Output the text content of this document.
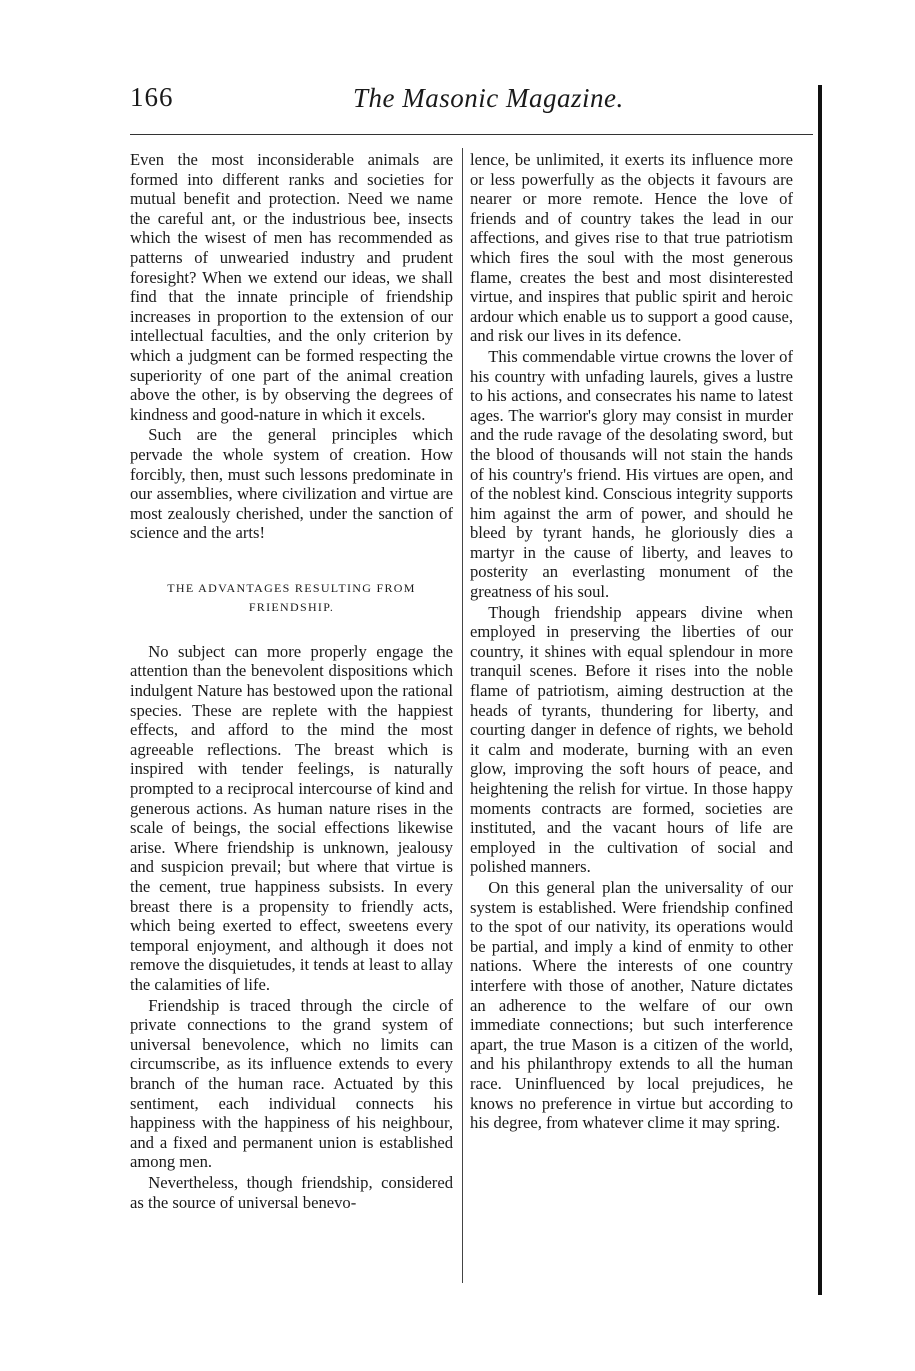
166	The Masonic Magazine.

Even the most inconsiderable animals are formed into different ranks and societies for mutual benefit and protection. Need we name the careful ant, or the industrious bee, insects which the wisest of men has recommended as patterns of unwearied industry and prudent foresight? When we extend our ideas, we shall find that the innate principle of friendship increases in proportion to the extension of our intellectual faculties, and the only criterion by which a judgment can be formed respecting the superiority of one part of the animal creation above the other, is by observing the degrees of kindness and good-nature in which it excels.

Such are the general principles which pervade the whole system of creation. How forcibly, then, must such lessons predominate in our assemblies, where civilization and virtue are most zealously cherished, under the sanction of science and the arts!

THE ADVANTAGES RESULTING FROM FRIENDSHIP.

No subject can more properly engage the attention than the benevolent dispositions which indulgent Nature has bestowed upon the rational species. These are replete with the happiest effects, and afford to the mind the most agreeable reflections. The breast which is inspired with tender feelings, is naturally prompted to a reciprocal intercourse of kind and generous actions. As human nature rises in the scale of beings, the social effections likewise arise. Where friendship is unknown, jealousy and suspicion prevail; but where that virtue is the cement, true happiness subsists. In every breast there is a propensity to friendly acts, which being exerted to effect, sweetens every temporal enjoyment, and although it does not remove the disquietudes, it tends at least to allay the calamities of life.

Friendship is traced through the circle of private connections to the grand system of universal benevolence, which no limits can circumscribe, as its influence extends to every branch of the human race. Actuated by this sentiment, each individual connects his happiness with the happiness of his neighbour, and a fixed and permanent union is established among men.

Nevertheless, though friendship, considered as the source of universal benevo-

lence, be unlimited, it exerts its influence more or less powerfully as the objects it favours are nearer or more remote. Hence the love of friends and of country takes the lead in our affections, and gives rise to that true patriotism which fires the soul with the most generous flame, creates the best and most disinterested virtue, and inspires that public spirit and heroic ardour which enable us to support a good cause, and risk our lives in its defence.

This commendable virtue crowns the lover of his country with unfading laurels, gives a lustre to his actions, and consecrates his name to latest ages. The warrior's glory may consist in murder and the rude ravage of the desolating sword, but the blood of thousands will not stain the hands of his country's friend. His virtues are open, and of the noblest kind. Conscious integrity supports him against the arm of power, and should he bleed by tyrant hands, he gloriously dies a martyr in the cause of liberty, and leaves to posterity an everlasting monument of the greatness of his soul.

Though friendship appears divine when employed in preserving the liberties of our country, it shines with equal splendour in more tranquil scenes. Before it rises into the noble flame of patriotism, aiming destruction at the heads of tyrants, thundering for liberty, and courting danger in defence of rights, we behold it calm and moderate, burning with an even glow, improving the soft hours of peace, and heightening the relish for virtue. In those happy moments contracts are formed, societies are instituted, and the vacant hours of life are employed in the cultivation of social and polished manners.

On this general plan the universality of our system is established. Were friendship confined to the spot of our nativity, its operations would be partial, and imply a kind of enmity to other nations. Where the interests of one country interfere with those of another, Nature dictates an adherence to the welfare of our own immediate connections; but such interference apart, the true Mason is a citizen of the world, and his philanthropy extends to all the human race. Uninfluenced by local prejudices, he knows no preference in virtue but according to his degree, from whatever clime it may spring.
